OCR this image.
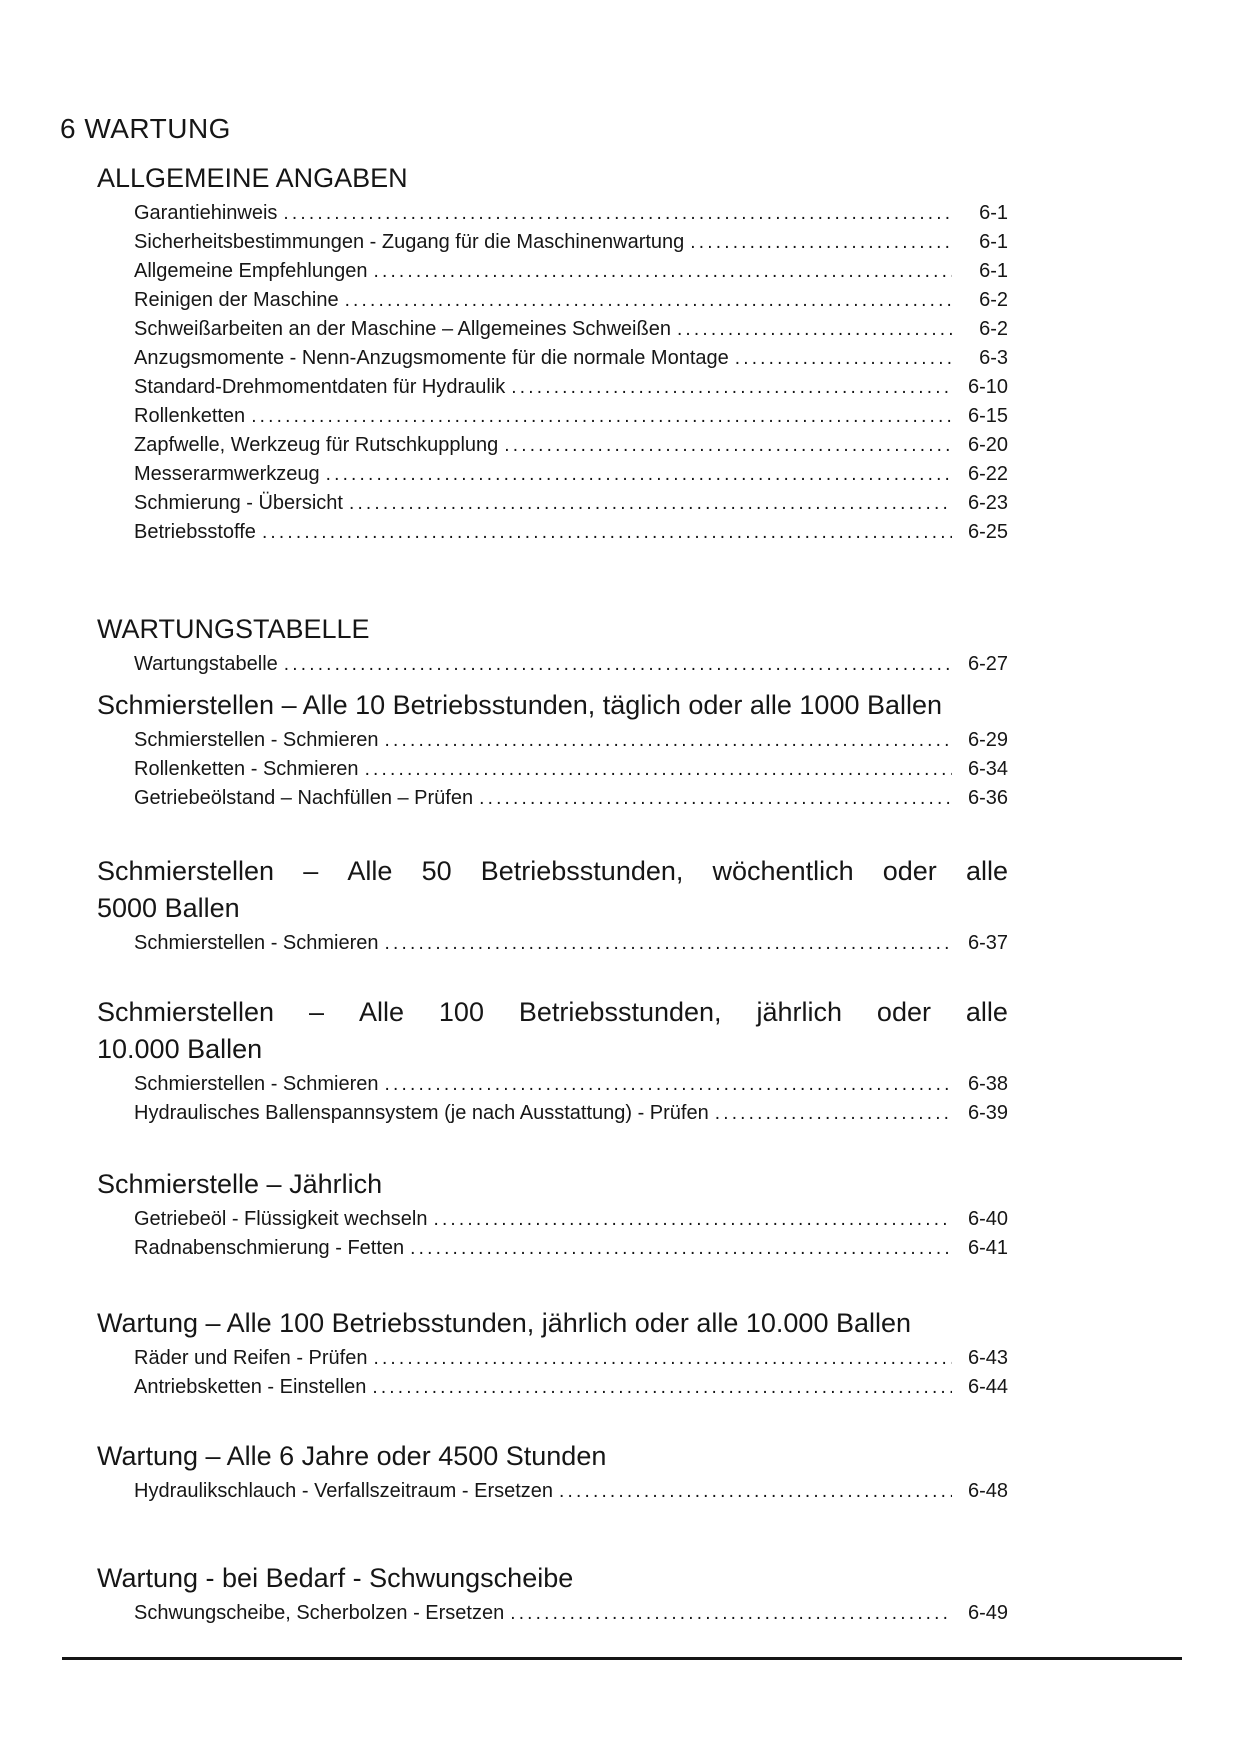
6 WARTUNG
ALLGEMEINE ANGABEN
Garantiehinweis .....	6-1
Sicherheitsbestimmungen - Zugang für die Maschinenwartung .....	6-1
Allgemeine Empfehlungen .....	6-1
Reinigen der Maschine .....	6-2
Schweißarbeiten an der Maschine – Allgemeines Schweißen .....	6-2
Anzugsmomente - Nenn-Anzugsmomente für die normale Montage .....	6-3
Standard-Drehmomentdaten für Hydraulik .....	6-10
Rollenketten .....	6-15
Zapfwelle, Werkzeug für Rutschkupplung .....	6-20
Messerarmwerkzeug .....	6-22
Schmierung - Übersicht .....	6-23
Betriebsstoffe .....	6-25
WARTUNGSTABELLE
Wartungstabelle .....	6-27
Schmierstellen – Alle 10 Betriebsstunden, täglich oder alle 1000 Ballen
Schmierstellen - Schmieren .....	6-29
Rollenketten - Schmieren .....	6-34
Getriebeölstand – Nachfüllen – Prüfen .....	6-36
Schmierstellen – Alle 50 Betriebsstunden, wöchentlich oder alle
5000 Ballen
Schmierstellen - Schmieren .....	6-37
Schmierstellen – Alle 100 Betriebsstunden, jährlich oder alle
10.000 Ballen
Schmierstellen - Schmieren .....	6-38
Hydraulisches Ballenspannsystem (je nach Ausstattung) - Prüfen .....	6-39
Schmierstelle – Jährlich
Getriebeöl - Flüssigkeit wechseln .....	6-40
Radnabenschmierung - Fetten .....	6-41
Wartung – Alle 100 Betriebsstunden, jährlich oder alle 10.000 Ballen
Räder und Reifen - Prüfen .....	6-43
Antriebsketten - Einstellen .....	6-44
Wartung – Alle 6 Jahre oder 4500 Stunden
Hydraulikschlauch - Verfallszeitraum - Ersetzen .....	6-48
Wartung - bei Bedarf - Schwungscheibe
Schwungscheibe, Scherbolzen - Ersetzen .....	6-49
